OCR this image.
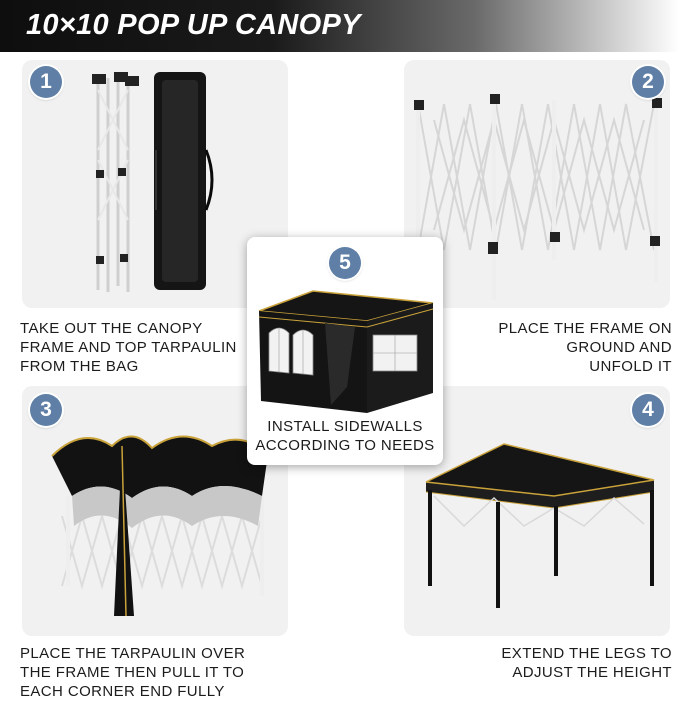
10×10 POP UP CANOPY
1	2
3	4
TAKE OUT THE CANOPY
FRAME AND TOP TARPAULIN
FROM THE BAG
PLACE THE FRAME ON
GROUND AND
UNFOLD IT
PLACE THE TARPAULIN OVER
THE FRAME THEN PULL IT TO
EACH CORNER END FULLY
EXTEND THE LEGS TO
ADJUST THE HEIGHT
5
INSTALL SIDEWALLS
ACCORDING TO NEEDS
